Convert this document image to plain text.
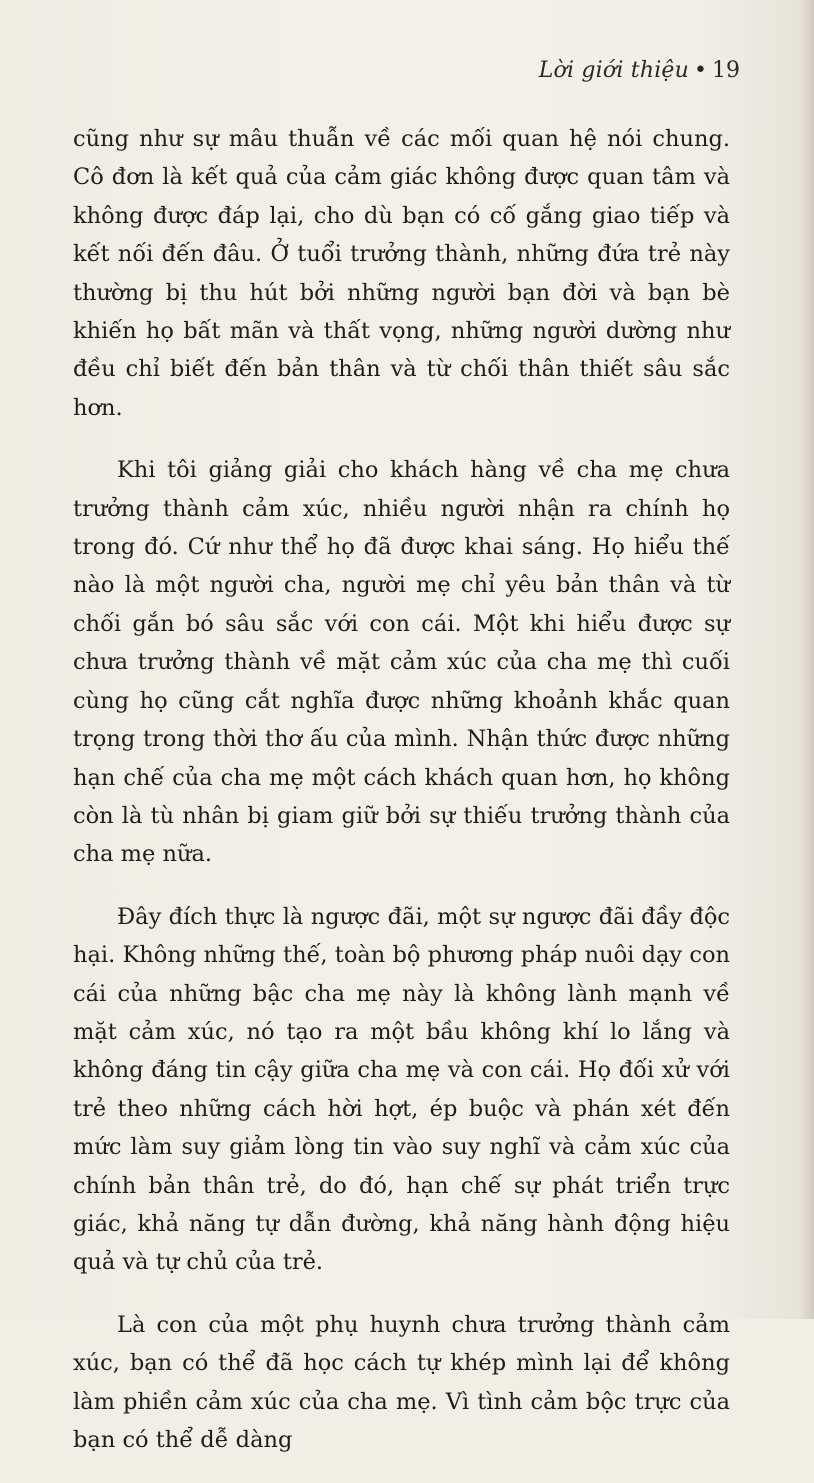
Lời giới thiệu • 19

cũng như sự mâu thuẫn về các mối quan hệ nói chung. Cô đơn là kết quả của cảm giác không được quan tâm và không được đáp lại, cho dù bạn có cố gắng giao tiếp và kết nối đến đâu. Ở tuổi trưởng thành, những đứa trẻ này thường bị thu hút bởi những người bạn đời và bạn bè khiến họ bất mãn và thất vọng, những người dường như đều chỉ biết đến bản thân và từ chối thân thiết sâu sắc hơn.

Khi tôi giảng giải cho khách hàng về cha mẹ chưa trưởng thành cảm xúc, nhiều người nhận ra chính họ trong đó. Cứ như thể họ đã được khai sáng. Họ hiểu thế nào là một người cha, người mẹ chỉ yêu bản thân và từ chối gắn bó sâu sắc với con cái. Một khi hiểu được sự chưa trưởng thành về mặt cảm xúc của cha mẹ thì cuối cùng họ cũng cắt nghĩa được những khoảnh khắc quan trọng trong thời thơ ấu của mình. Nhận thức được những hạn chế của cha mẹ một cách khách quan hơn, họ không còn là tù nhân bị giam giữ bởi sự thiếu trưởng thành của cha mẹ nữa.

Đây đích thực là ngược đãi, một sự ngược đãi đầy độc hại. Không những thế, toàn bộ phương pháp nuôi dạy con cái của những bậc cha mẹ này là không lành mạnh về mặt cảm xúc, nó tạo ra một bầu không khí lo lắng và không đáng tin cậy giữa cha mẹ và con cái. Họ đối xử với trẻ theo những cách hời hợt, ép buộc và phán xét đến mức làm suy giảm lòng tin vào suy nghĩ và cảm xúc của chính bản thân trẻ, do đó, hạn chế sự phát triển trực giác, khả năng tự dẫn đường, khả năng hành động hiệu quả và tự chủ của trẻ.

Là con của một phụ huynh chưa trưởng thành cảm xúc, bạn có thể đã học cách tự khép mình lại để không làm phiền cảm xúc của cha mẹ. Vì tình cảm bộc trực của bạn có thể dễ dàng
